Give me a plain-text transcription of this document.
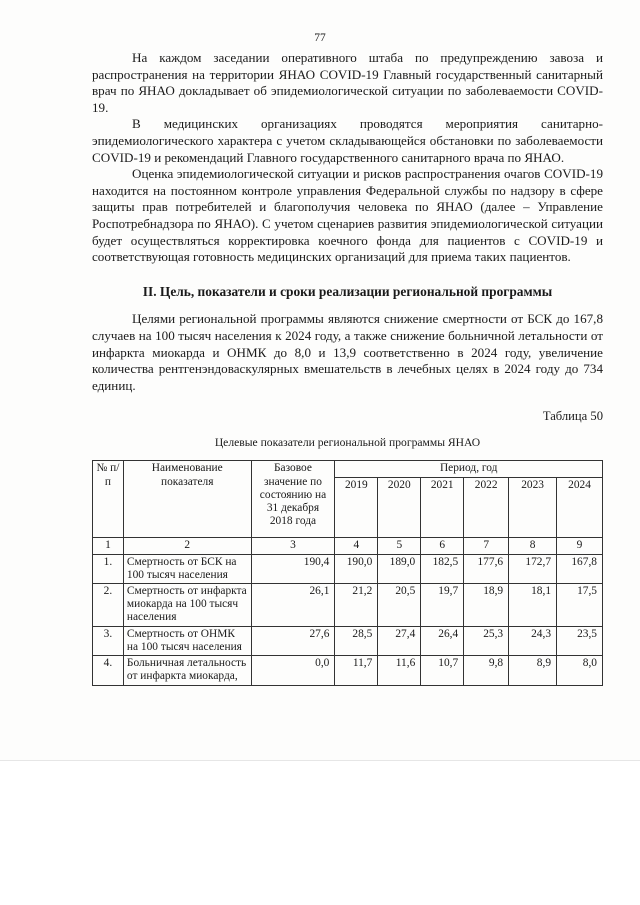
77

На каждом заседании оперативного штаба по предупреждению завоза и распространения на территории ЯНАО COVID-19 Главный государственный санитарный врач по ЯНАО докладывает об эпидемиологической ситуации по заболеваемости COVID-19.

В медицинских организациях проводятся мероприятия санитарно-эпидемиологического характера с учетом складывающейся обстановки по заболеваемости COVID-19 и рекомендаций Главного государственного санитарного врача по ЯНАО.

Оценка эпидемиологической ситуации и рисков распространения очагов COVID-19 находится на постоянном контроле управления Федеральной службы по надзору в сфере защиты прав потребителей и благополучия человека по ЯНАО (далее – Управление Роспотребнадзора по ЯНАО). С учетом сценариев развития эпидемиологической ситуации будет осуществляться корректировка коечного фонда для пациентов с COVID-19 и соответствующая готовность медицинских организаций для приема таких пациентов.

II. Цель, показатели и сроки реализации региональной программы

Целями региональной программы являются снижение смертности от БСК до 167,8 случаев на 100 тысяч населения к 2024 году, а также снижение больничной летальности от инфаркта миокарда и ОНМК до 8,0 и 13,9 соответственно в 2024 году, увеличение количества рентгенэндоваскулярных вмешательств в лечебных целях в 2024 году до 734 единиц.

Таблица 50
Целевые показатели региональной программы ЯНАО
№ п/п	Наименование показателя	Базовое значение по состоянию на 31 декабря 2018 года	Период, год					
			2019	2020	2021	2022	2023	2024
1	2	3	4	5	6	7	8	9
1.	Смертность от БСК на 100 тысяч населения	190,4	190,0	189,0	182,5	177,6	172,7	167,8
2.	Смертность от инфаркта миокарда на 100 тысяч населения	26,1	21,2	20,5	19,7	18,9	18,1	17,5
3.	Смертность от ОНМК на 100 тысяч населения	27,6	28,5	27,4	26,4	25,3	24,3	23,5
4.	Больничная летальность от инфаркта миокарда,	0,0	11,7	11,6	10,7	9,8	8,9	8,0
